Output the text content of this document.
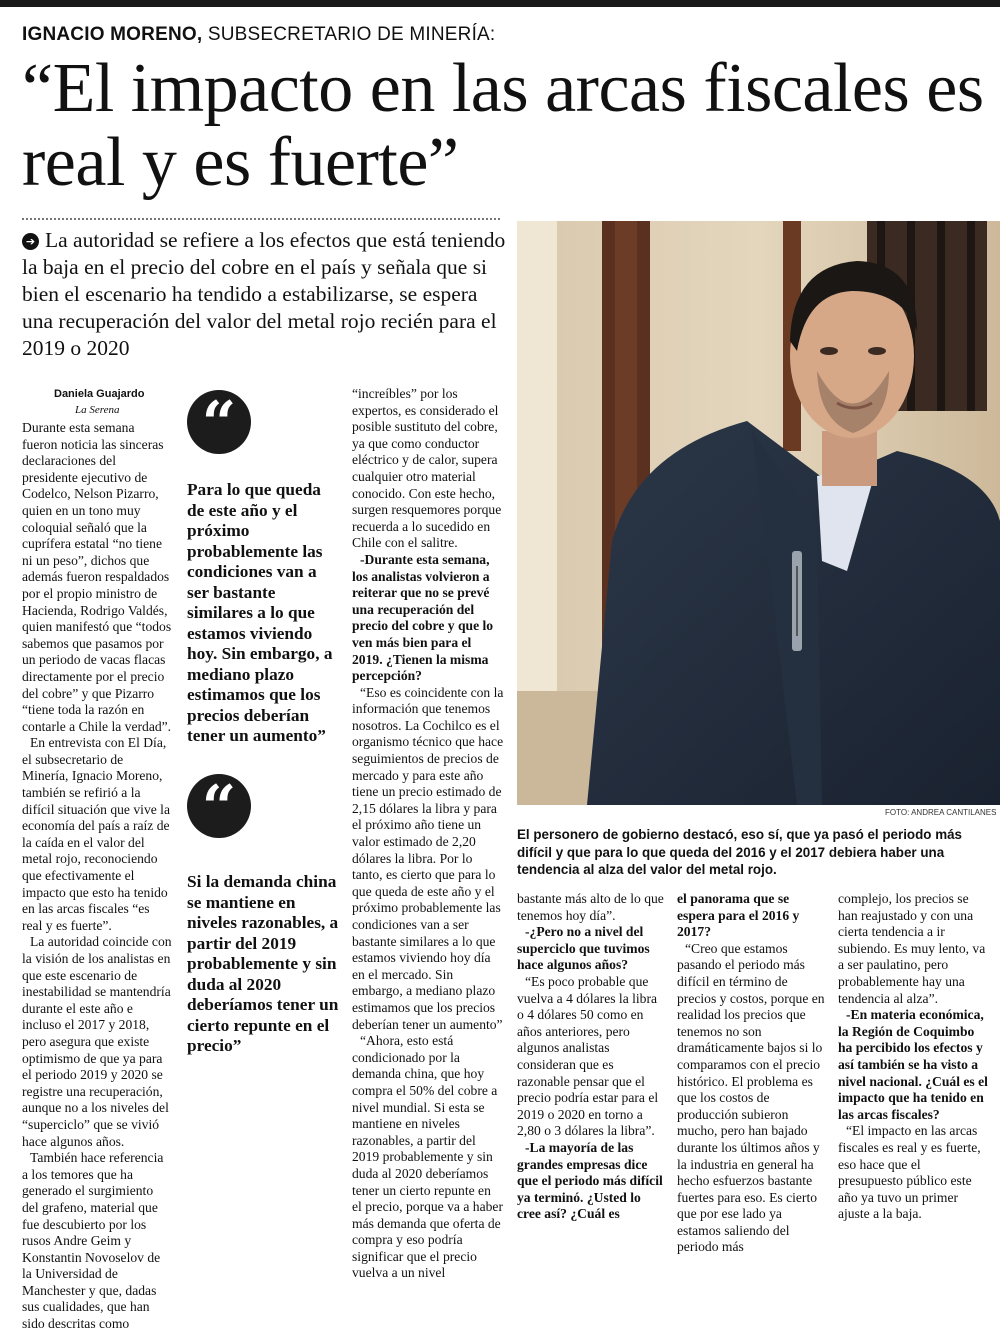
IGNACIO MORENO, SUBSECRETARIO DE MINERÍA:
“El impacto en las arcas fiscales es real y es fuerte”

➔ La autoridad se refiere a los efectos que está teniendo la baja en el precio del cobre en el país y señala que si bien el escenario ha tendido a estabilizarse, se espera una recuperación del valor del metal rojo recién para el 2019 o 2020

FOTO: ANDREA CANTILANES

El personero de gobierno destacó, eso sí, que ya pasó el periodo más difícil y que para lo que queda del 2016 y el 2017 debiera haber una tendencia al alza del valor del metal rojo.

Daniela Guajardo
La Serena

Durante esta semana fueron noticia las sinceras declaraciones del presidente ejecutivo de Codelco, Nelson Pizarro, quien en un tono muy coloquial señaló que la cuprífera estatal “no tiene ni un peso”, dichos que además fueron respaldados por el propio ministro de Hacienda, Rodrigo Valdés, quien manifestó que “todos sabemos que pasamos por un periodo de vacas flacas directamente por el precio del cobre” y que Pizarro “tiene toda la razón en contarle a Chile la verdad”.

En entrevista con El Día, el subsecretario de Minería, Ignacio Moreno, también se refirió a la difícil situación que vive la economía del país a raíz de la caída en el valor del metal rojo, reconociendo que efectivamente el impacto que esto ha tenido en las arcas fiscales “es real y es fuerte”.

La autoridad coincide con la visión de los analistas en que este escenario de inestabilidad se mantendría durante el este año e incluso el 2017 y 2018, pero asegura que existe optimismo de que ya para el periodo 2019 y 2020 se registre una recuperación, aunque no a los niveles del “superciclo” que se vivió hace algunos años.

También hace referencia a los temores que ha generado el surgimiento del grafeno, material que fue descubierto por los rusos Andre Geim y Konstantin Novoselov de la Universidad de Manchester y que, dadas sus cualidades, que han sido descritas como

“

Para lo que queda de este año y el próximo probablemente las condiciones van a ser bastante similares a lo que estamos viviendo hoy. Sin embargo, a mediano plazo estimamos que los precios deberían tener un aumento”

“

Si la demanda china se mantiene en niveles razonables, a partir del 2019 probablemente y sin duda al 2020 deberíamos tener un cierto repunte en el precio”

“increíbles” por los expertos, es considerado el posible sustituto del cobre, ya que como conductor eléctrico y de calor, supera cualquier otro material conocido. Con este hecho, surgen resquemores porque recuerda a lo sucedido en Chile con el salitre.

-Durante esta semana, los analistas volvieron a reiterar que no se prevé una recuperación del precio del cobre y que lo ven más bien para el 2019. ¿Tienen la misma percepción?

“Eso es coincidente con la información que tenemos nosotros. La Cochilco es el organismo técnico que hace seguimientos de precios de mercado y para este año tiene un precio estimado de 2,15 dólares la libra y para el próximo año tiene un valor estimado de 2,20 dólares la libra. Por lo tanto, es cierto que para lo que queda de este año y el próximo probablemente las condiciones van a ser bastante similares a lo que estamos viviendo hoy día en el mercado. Sin embargo, a mediano plazo estimamos que los precios deberían tener un aumento”

“Ahora, esto está condicionado por la demanda china, que hoy compra el 50% del cobre a nivel mundial. Si esta se mantiene en niveles razonables, a partir del 2019 probablemente y sin duda al 2020 deberíamos tener un cierto repunte en el precio, porque va a haber más demanda que oferta de compra y eso podría significar que el precio vuelva a un nivel

bastante más alto de lo que tenemos hoy día”.

-¿Pero no a nivel del superciclo que tuvimos hace algunos años?

“Es poco probable que vuelva a 4 dólares la libra o 4 dólares 50 como en años anteriores, pero algunos analistas consideran que es razonable pensar que el precio podría estar para el 2019 o 2020 en torno a 2,80 o 3 dólares la libra”.

-La mayoría de las grandes empresas dice que el periodo más difícil ya terminó. ¿Usted lo cree así? ¿Cuál es

el panorama que se espera para el 2016 y 2017?

“Creo que estamos pasando el periodo más difícil en término de precios y costos, porque en realidad los precios que tenemos no son dramáticamente bajos si lo comparamos con el precio histórico. El problema es que los costos de producción subieron mucho, pero han bajado durante los últimos años y la industria en general ha hecho esfuerzos bastante fuertes para eso. Es cierto que por ese lado ya estamos saliendo del periodo más

complejo, los precios se han reajustado y con una cierta tendencia a ir subiendo. Es muy lento, va a ser paulatino, pero probablemente hay una tendencia al alza”.

-En materia económica, la Región de Coquimbo ha percibido los efectos y así también se ha visto a nivel nacional. ¿Cuál es el impacto que ha tenido en las arcas fiscales?

“El impacto en las arcas fiscales es real y es fuerte, eso hace que el presupuesto público este año ya tuvo un primer ajuste a la baja.
